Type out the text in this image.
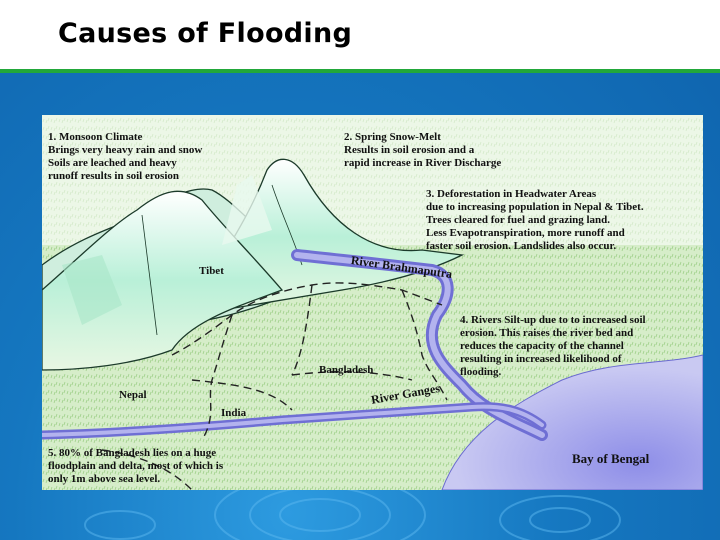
Causes of Flooding
1. Monsoon Climate
Brings very heavy rain and snow
Soils are leached and heavy
runoff results in soil erosion
2. Spring Snow-Melt
Results in soil erosion and a
rapid increase in River Discharge
3. Deforestation in Headwater Areas
due to increasing population in Nepal & Tibet.
Trees cleared for fuel and grazing land.
Less Evapotranspiration, more runoff and
faster soil erosion. Landslides also occur.
4. Rivers Silt-up due to to increased soil
erosion. This raises the river bed and
reduces the capacity of the channel
resulting in increased likelihood of
flooding.
5. 80% of Bangladesh lies on a huge
floodplain and delta, most of which is
only 1m above sea level.
Tibet
Bangladesh
Nepal
India
Bay of Bengal
River Brahmaputra
River Ganges
